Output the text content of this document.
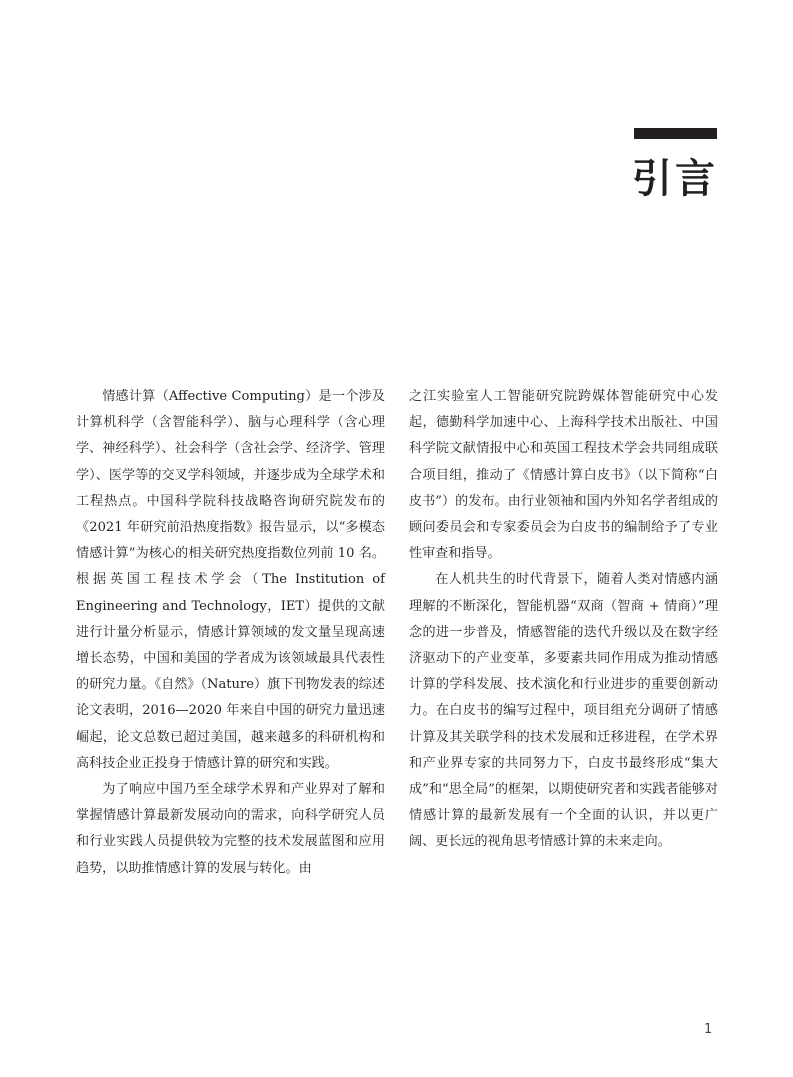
引言

情感计算（Affective Computing）是一个涉及计算机科学（含智能科学）、脑与心理科学（含心理学、神经科学）、社会科学（含社会学、经济学、管理学）、医学等的交叉学科领域，并逐步成为全球学术和工程热点。中国科学院科技战略咨询研究院发布的《2021 年研究前沿热度指数》报告显示，以“多模态情感计算”为核心的相关研究热度指数位列前 10 名。根据英国工程技术学会（The Institution of Engineering and Technology，IET）提供的文献进行计量分析显示，情感计算领域的发文量呈现高速增长态势，中国和美国的学者成为该领域最具代表性的研究力量。《自然》（Nature）旗下刊物发表的综述论文表明，2016—2020 年来自中国的研究力量迅速崛起，论文总数已超过美国，越来越多的科研机构和高科技企业正投身于情感计算的研究和实践。

为了响应中国乃至全球学术界和产业界对了解和掌握情感计算最新发展动向的需求，向科学研究人员和行业实践人员提供较为完整的技术发展蓝图和应用趋势，以助推情感计算的发展与转化。由

之江实验室人工智能研究院跨媒体智能研究中心发起，德勤科学加速中心、上海科学技术出版社、中国科学院文献情报中心和英国工程技术学会共同组成联合项目组，推动了《情感计算白皮书》（以下简称“白皮书”）的发布。由行业领袖和国内外知名学者组成的顾问委员会和专家委员会为白皮书的编制给予了专业性审查和指导。

在人机共生的时代背景下，随着人类对情感内涵理解的不断深化，智能机器“双商（智商 + 情商）”理念的进一步普及，情感智能的迭代升级以及在数字经济驱动下的产业变革，多要素共同作用成为推动情感计算的学科发展、技术演化和行业进步的重要创新动力。在白皮书的编写过程中，项目组充分调研了情感计算及其关联学科的技术发展和迁移进程，在学术界和产业界专家的共同努力下，白皮书最终形成“集大成”和“思全局”的框架，以期使研究者和实践者能够对情感计算的最新发展有一个全面的认识，并以更广阔、更长远的视角思考情感计算的未来走向。

1
